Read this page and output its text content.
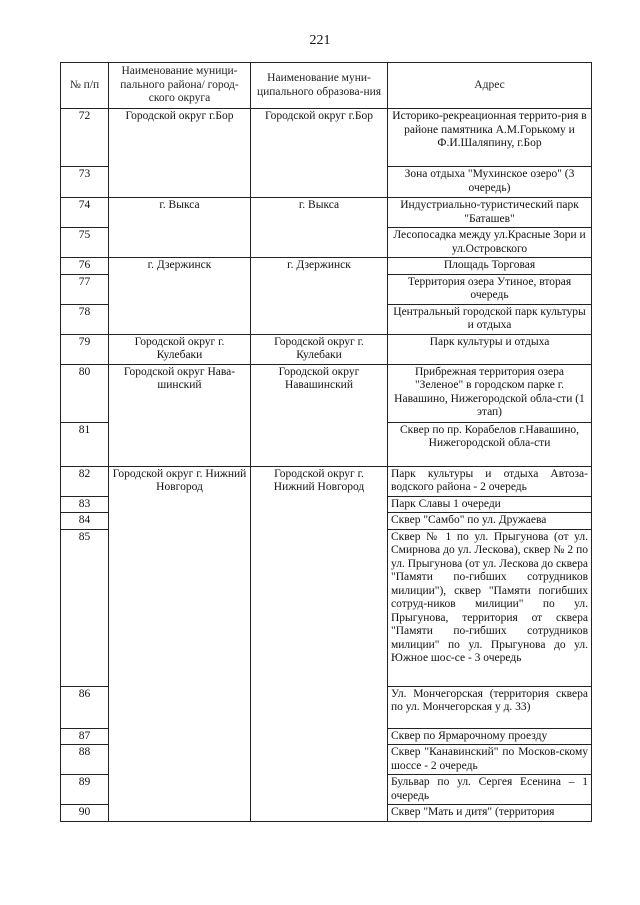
221
№ п/п	Наименование муници-пального района/ город-ского округа	Наименование муни-ципального образова-ния	Адрес
72	Городской округ г.Бор	Городской округ г.Бор	Историко-рекреационная террито-рия в районе памятника А.М.Горькому и Ф.И.Шаляпину, г.Бор
73			Зона отдыха "Мухинское озеро" (3 очередь)
74	г. Выкса	г. Выкса	Индустриально-туристический парк "Баташев"
75			Лесопосадка между ул.Красные Зори и ул.Островского
76	г. Дзержинск	г. Дзержинск	Площадь Торговая
77			Территория озера Утиное, вторая очередь
78			Центральный городской парк культуры и отдыха
79	Городской округ г. Кулебаки	Городской округ г. Кулебаки	Парк культуры и отдыха
80	Городской округ Нава-шинский	Городской округ Навашинский	Прибрежная территория озера "Зеленое" в городском парке г. Навашино, Нижегородской обла-сти (1 этап)
81			Сквер по пр. Корабелов г.Навашино, Нижегородской обла-сти
82	Городской округ г. Нижний Новгород	Городской округ г. Нижний Новгород	Парк культуры и отдыха Автоза-водского района - 2 очередь
83			Парк Славы 1 очереди
84			Сквер "Самбо" по ул. Дружаева
85			Сквер № 1 по ул. Прыгунова (от ул. Смирнова до ул. Лескова), сквер № 2 по ул. Прыгунова (от ул. Лескова до сквера "Памяти по-гибших сотрудников милиции"), сквер "Памяти погибших сотруд-ников милиции" по ул. Прыгунова, территория от сквера "Памяти по-гибших сотрудников милиции" по ул. Прыгунова до ул. Южное шос-се - 3 очередь
86			Ул. Мончегорская (территория сквера по ул. Мончегорская у д. 33)
87			Сквер по Ярмарочному проезду
88			Сквер "Канавинский" по Москов-скому шоссе - 2 очередь
89			Бульвар по ул. Сергея Есенина – 1 очередь
90			Сквер "Мать и дитя" (территория
